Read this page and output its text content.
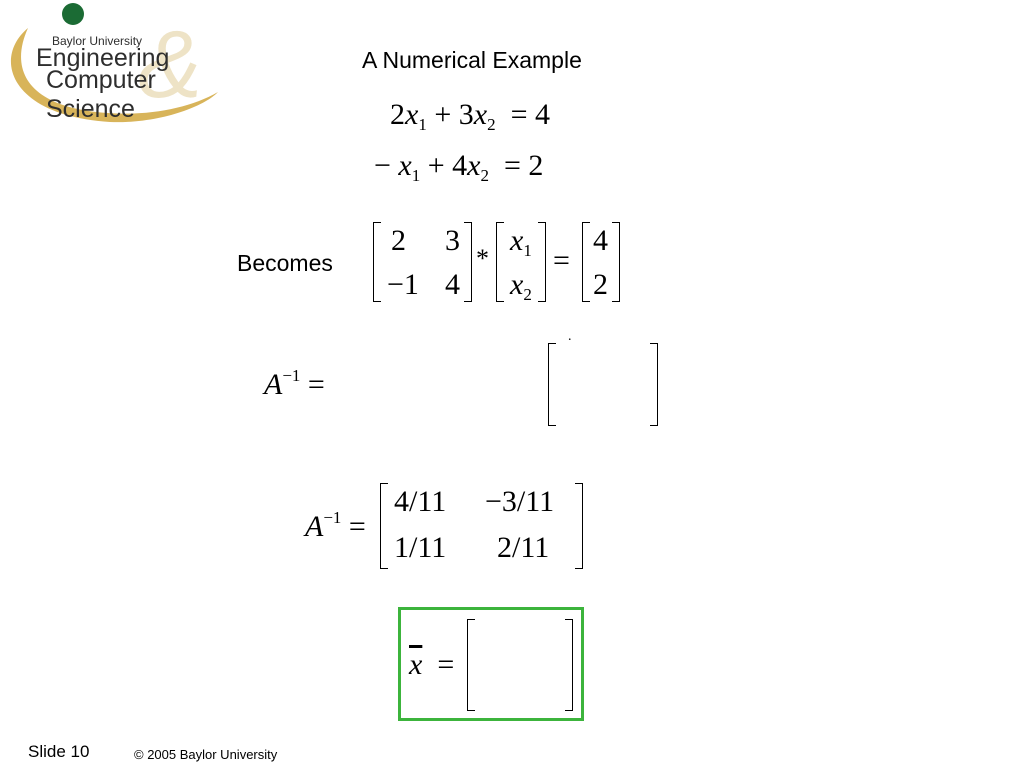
&
Baylor University
Engineering
Computer Science
A Numerical Example
$2x_1 + 3x_2 = 4$
− $x_1 + 4x_2 = 2$
Becomes
2 3
−1 4
*
$x_1$
$x_2$
=
4
2
$A^{-1}$ =
.
$A^{-1}$ =
4/11 −3/11
1/11 2/11
$\overline{x}$ =
Slide 10	© 2005 Baylor University
